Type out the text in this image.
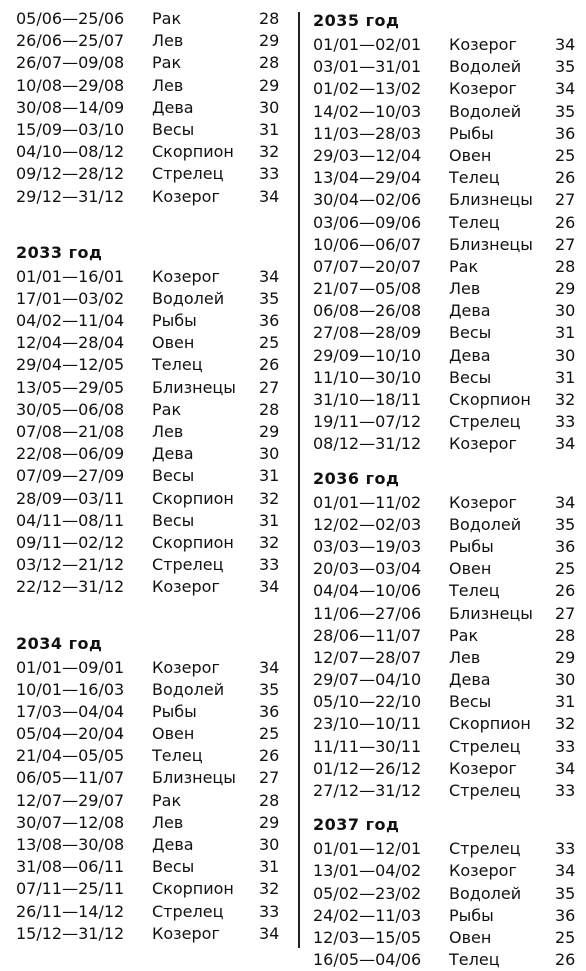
05/06—25/06 Рак	28
26/06—25/07 Лев	29
26/07—09/08 Рак	28
10/08—29/08 Лев	29
30/08—14/09 Дева	30
15/09—03/10 Весы	31
04/10—08/12 Скорпион 32
09/12—28/12 Стрелец 33
29/12—31/12 Козерог 34
2033 год
01/01—16/01 Козерог 34
17/01—03/02 Водолей 35
04/02—11/04 Рыбы	36
12/04—28/04 Овен	25
29/04—12/05 Телец	26
13/05—29/05 Близнецы 27
30/05—06/08 Рак	28
07/08—21/08 Лев	29
22/08—06/09 Дева	30
07/09—27/09 Весы	31
28/09—03/11 Скорпион 32
04/11—08/11 Весы	31
09/11—02/12 Скорпион 32
03/12—21/12 Стрелец 33
22/12—31/12 Козерог 34
2034 год
01/01—09/01 Козерог 34
10/01—16/03 Водолей 35
17/03—04/04 Рыбы	36
05/04—20/04 Овен	25
21/04—05/05 Телец	26
06/05—11/07 Близнецы 27
12/07—29/07 Рак	28
30/07—12/08 Лев	29
13/08—30/08 Дева	30
31/08—06/11 Весы	31
07/11—25/11 Скорпион 32
26/11—14/12 Стрелец 33
15/12—31/12 Козерог 34
2035 год
01/01—02/01 Козерог 34
03/01—31/01 Водолей 35
01/02—13/02 Козерог 34
14/02—10/03 Водолей 35
11/03—28/03 Рыбы	36
29/03—12/04 Овен	25
13/04—29/04 Телец	26
30/04—02/06 Близнецы 27
03/06—09/06 Телец	26
10/06—06/07 Близнецы 27
07/07—20/07 Рак	28
21/07—05/08 Лев	29
06/08—26/08 Дева	30
27/08—28/09 Весы	31
29/09—10/10 Дева	30
11/10—30/10 Весы	31
31/10—18/11 Скорпион 32
19/11—07/12 Стрелец 33
08/12—31/12 Козерог 34
2036 год
01/01—11/02 Козерог 34
12/02—02/03 Водолей 35
03/03—19/03 Рыбы	36
20/03—03/04 Овен	25
04/04—10/06 Телец	26
11/06—27/06 Близнецы 27
28/06—11/07 Рак	28
12/07—28/07 Лев	29
29/07—04/10 Дева	30
05/10—22/10 Весы	31
23/10—10/11 Скорпион 32
11/11—30/11 Стрелец 33
01/12—26/12 Козерог 34
27/12—31/12 Стрелец 33
2037 год
01/01—12/01 Стрелец 33
13/01—04/02 Козерог 34
05/02—23/02 Водолей 35
24/02—11/03 Рыбы	36
12/03—15/05 Овен	25
16/05—04/06 Телец	26
